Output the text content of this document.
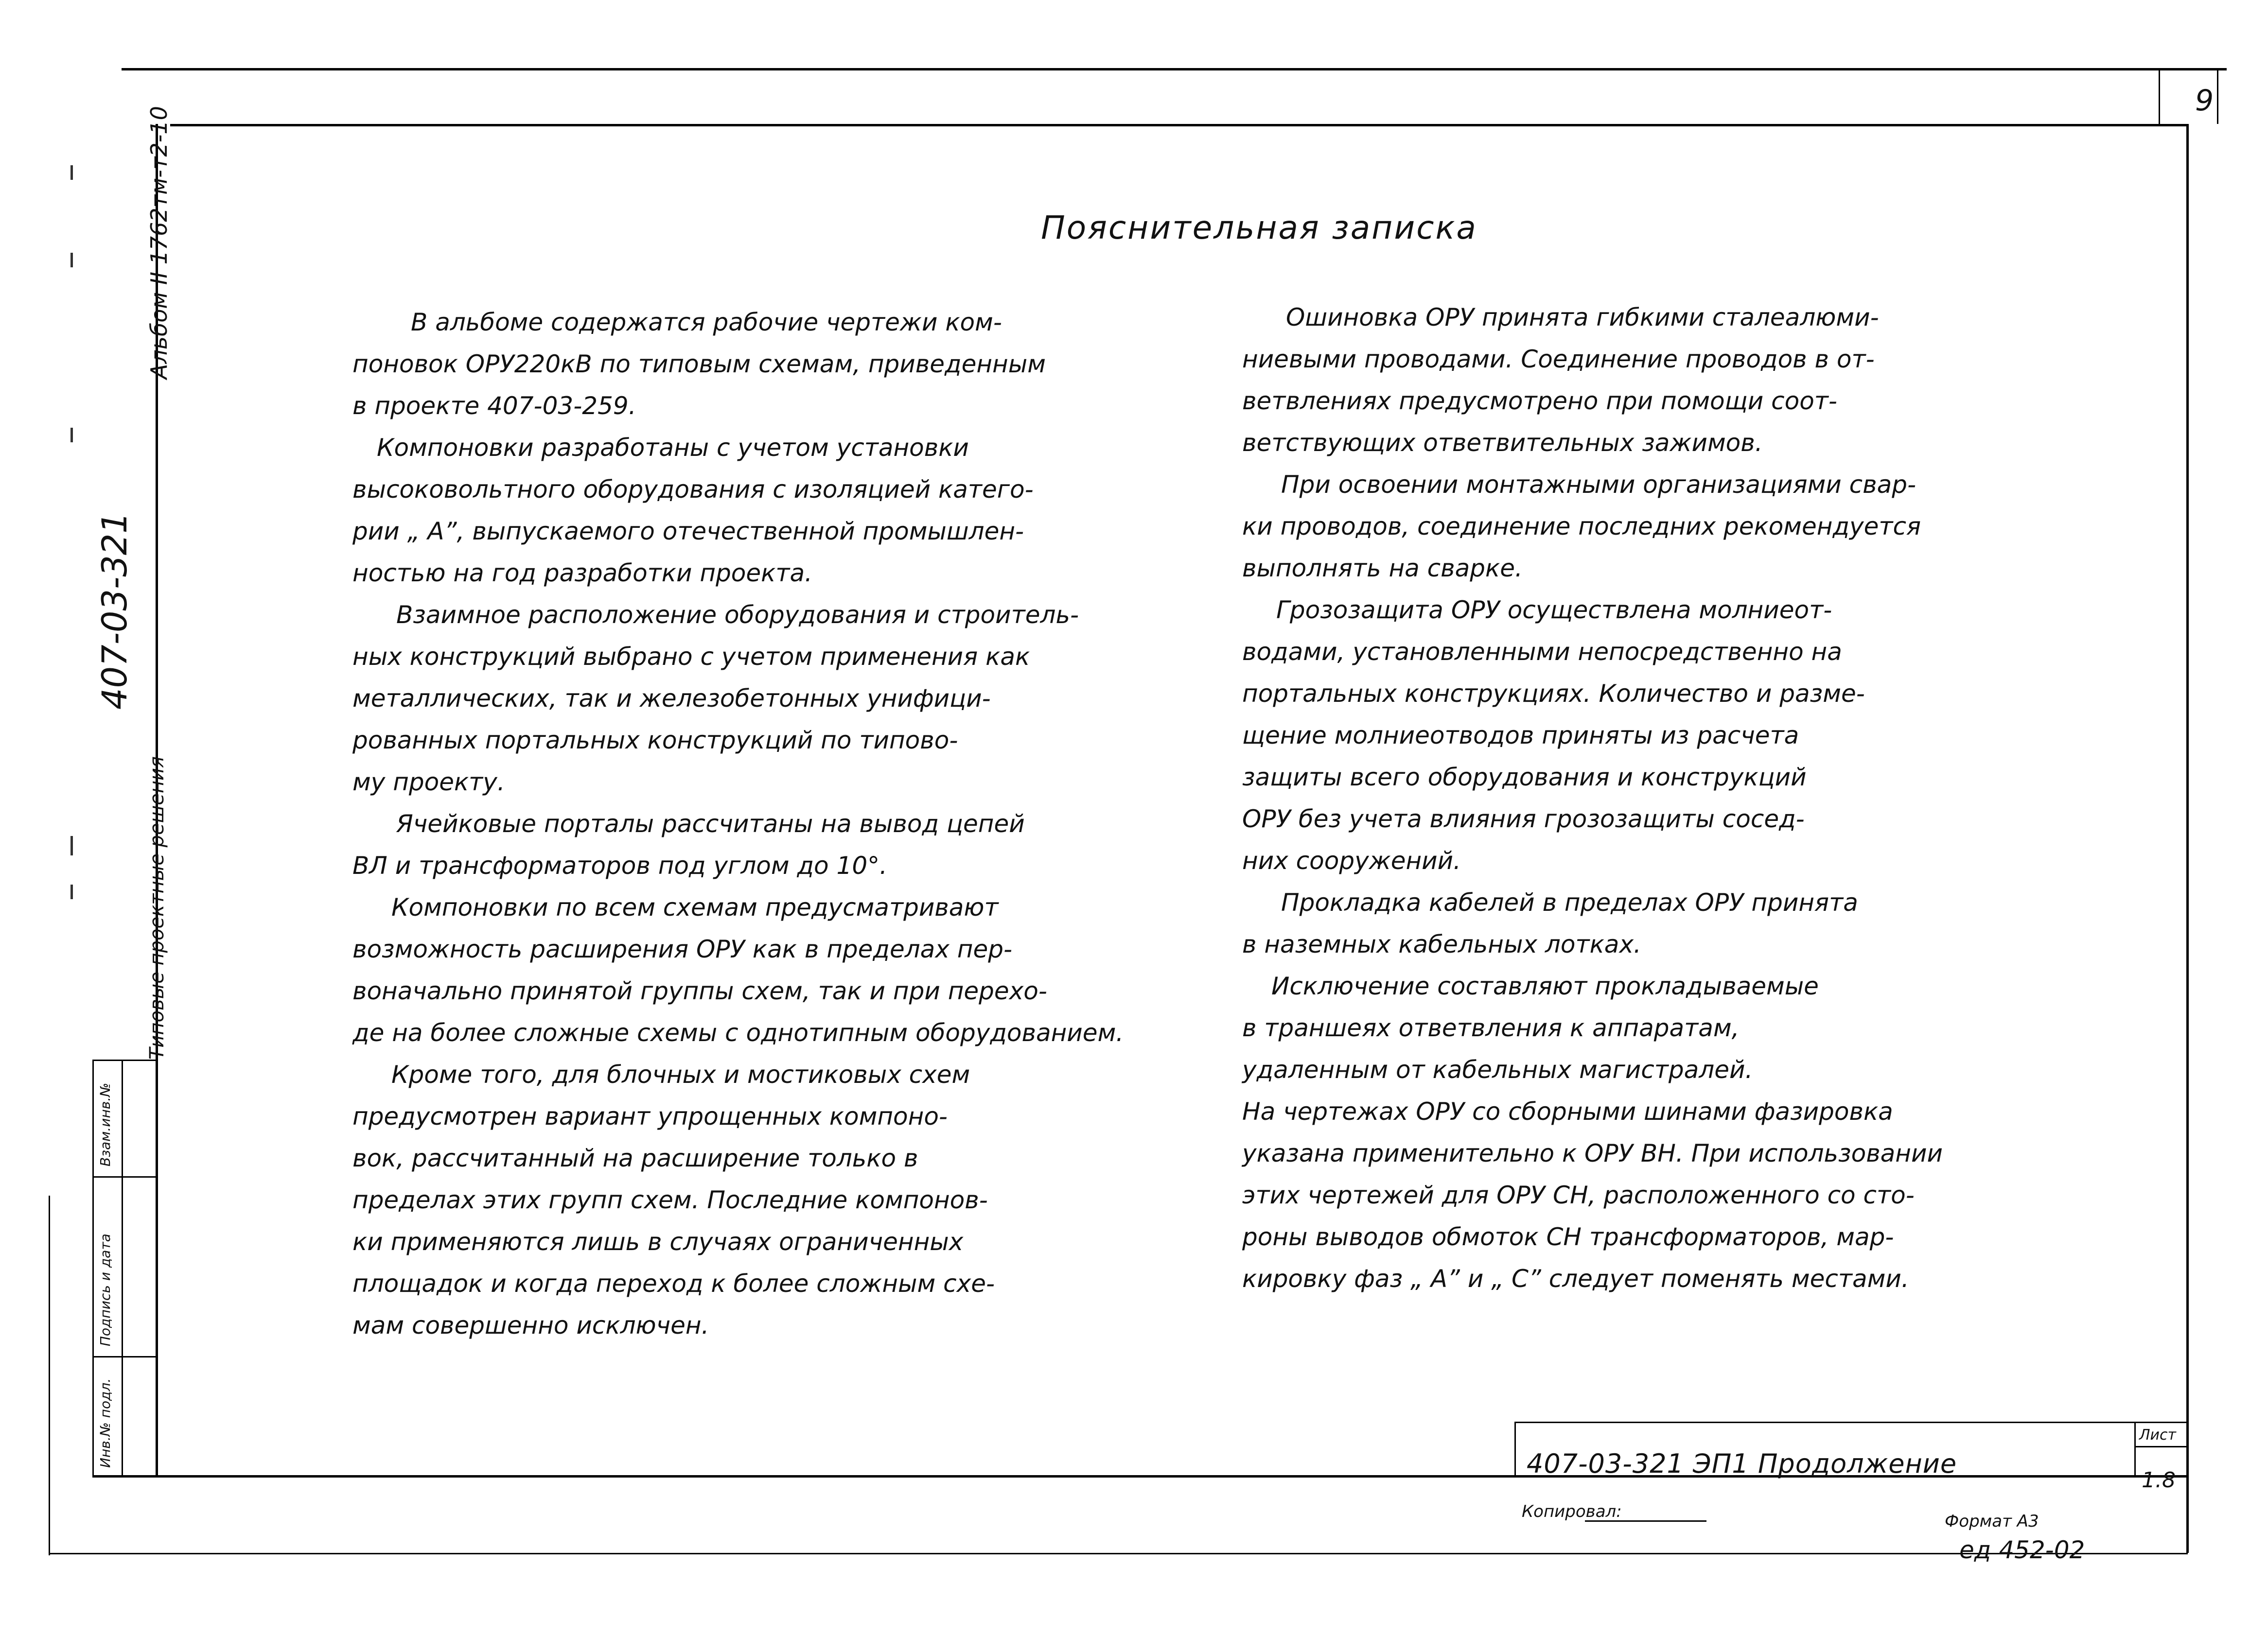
9
Взам.инв.№
Подпись и дата
Инв.№ подл.
407-03-321
Альбом II 1762тм-т2-10
Типовые проектные решения
Пояснительная записка

В альбоме содержатся рабочие чертежи ком-

поновок ОРУ220кВ по типовым схемам, приведенным

в проекте 407-03-259.

Компоновки разработаны с учетом установки

высоковольтного оборудования с изоляцией катего-

рии „ А”, выпускаемого отечественной промышлен-

ностью на год разработки проекта.

Взаимное расположение оборудования и строитель-

ных конструкций выбрано с учетом применения как

металлических, так и железобетонных унифици-

рованных портальных конструкций по типово-

му проекту.

Ячейковые порталы рассчитаны на вывод цепей

ВЛ и трансформаторов под углом до 10°.

Компоновки по всем схемам предусматривают

возможность расширения ОРУ как в пределах пер-

воначально принятой группы схем, так и при перехо-

де на более сложные схемы с однотипным оборудованием.

Кроме того, для блочных и мостиковых схем

предусмотрен вариант упрощенных компоно-

вок, рассчитанный на расширение только в

пределах этих групп схем. Последние компонов-

ки применяются лишь в случаях ограниченных

площадок и когда переход к более сложным схе-

мам совершенно исключен.

Ошиновка ОРУ принята гибкими сталеалюми-

ниевыми проводами. Соединение проводов в от-

ветвлениях предусмотрено при помощи соот-

ветствующих ответвительных зажимов.

При освоении монтажными организациями свар-

ки проводов, соединение последних рекомендуется

выполнять на сварке.

Грозозащита ОРУ осуществлена молниеот-

водами, установленными непосредственно на

портальных конструкциях. Количество и разме-

щение молниеотводов приняты из расчета

защиты всего оборудования и конструкций

ОРУ без учета влияния грозозащиты сосед-

них сооружений.

Прокладка кабелей в пределах ОРУ принята

в наземных кабельных лотках.

Исключение составляют прокладываемые

в траншеях ответвления к аппаратам,

удаленным от кабельных магистралей.

На чертежах ОРУ со сборными шинами фазировка

указана применительно к ОРУ ВН. При использовании

этих чертежей для ОРУ СН, расположенного со сто-

роны выводов обмоток СН трансформаторов, мар-

кировку фаз „ А” и „ С” следует поменять местами.

407-03-321 ЭП1 Продолжение
Лист
1.8
Копировал:	Формат А3
ед 452-02
